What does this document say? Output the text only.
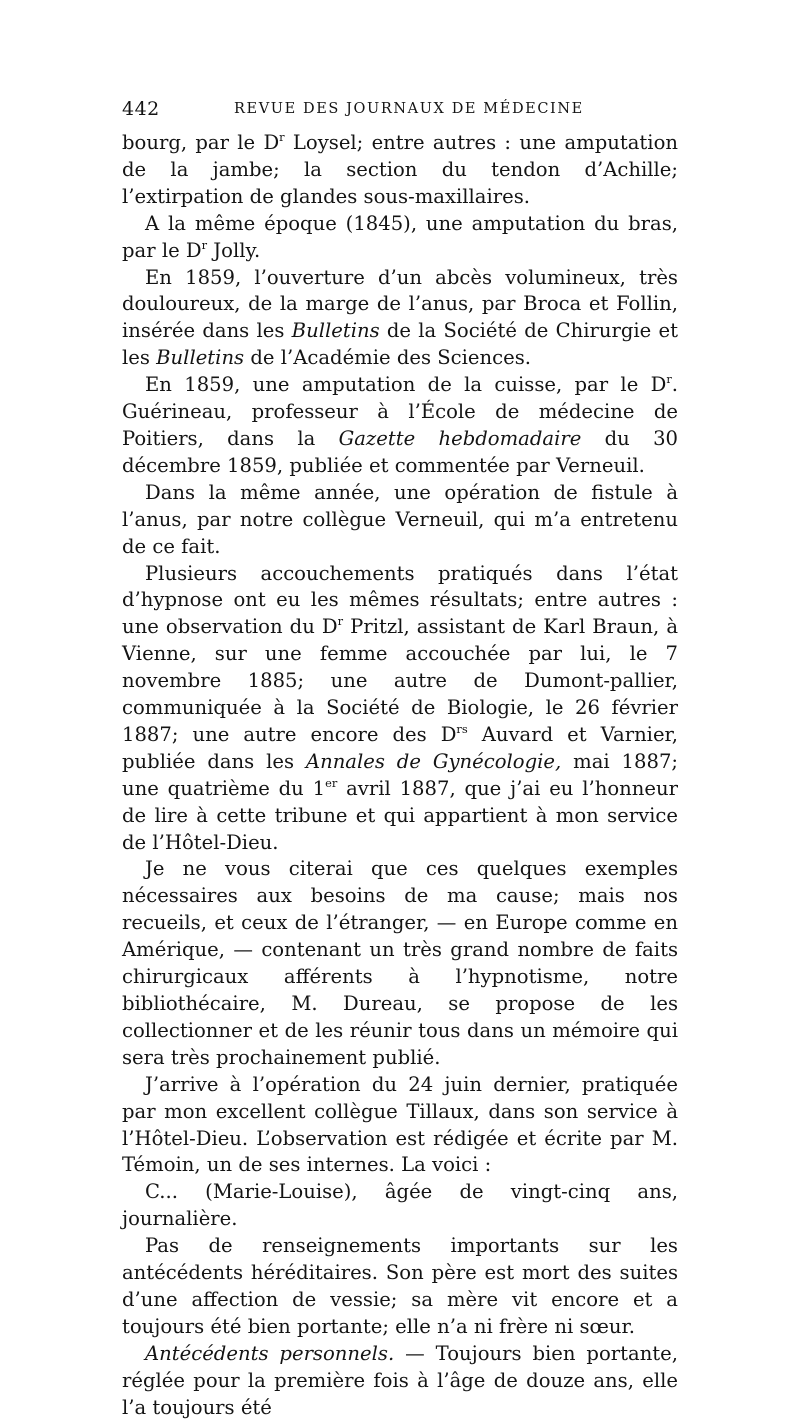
442	REVUE DES JOURNAUX DE MÉDECINE

bourg, par le $D^r$ Loysel; entre autres : une amputation de la jambe; la section du tendon d’Achille; l’extirpation de glandes sous-maxillaires.

A la même époque (1845), une amputation du bras, par le $D^r$ Jolly.

En 1859, l’ouverture d’un abcès volumineux, très douloureux, de la marge de l’anus, par Broca et Follin, insérée dans les Bulletins de la Société de Chirurgie et les Bulletins de l’Académie des Sciences.

En 1859, une amputation de la cuisse, par le $D^r$. Guérineau, professeur à l’École de médecine de Poitiers, dans la Gazette hebdomadaire du 30 décembre 1859, publiée et commentée par Verneuil.

Dans la même année, une opération de fistule à l’anus, par notre collègue Verneuil, qui m’a entretenu de ce fait.

Plusieurs accouchements pratiqués dans l’état d’hypnose ont eu les mêmes résultats; entre autres : une observation du $D^r$ Pritzl, assistant de Karl Braun, à Vienne, sur une femme accouchée par lui, le 7 novembre 1885; une autre de Dumont-pallier, communiquée à la Société de Biologie, le 26 février 1887; une autre encore des $D^{rs}$ Auvard et Varnier, publiée dans les Annales de Gynécologie, mai 1887; une quatrième du 1er avril 1887, que j’ai eu l’honneur de lire à cette tribune et qui appartient à mon service de l’Hôtel-Dieu.

Je ne vous citerai que ces quelques exemples nécessaires aux besoins de ma cause; mais nos recueils, et ceux de l’étranger, — en Europe comme en Amérique, — contenant un très grand nombre de faits chirurgicaux afférents à l’hypnotisme, notre bibliothécaire, M. Dureau, se propose de les collectionner et de les réunir tous dans un mémoire qui sera très prochainement publié.

J’arrive à l’opération du 24 juin dernier, pratiquée par mon excellent collègue Tillaux, dans son service à l’Hôtel-Dieu. L’observation est rédigée et écrite par M. Témoin, un de ses internes. La voici :

C... (Marie-Louise), âgée de vingt-cinq ans, journalière.

Pas de renseignements importants sur les antécédents héréditaires. Son père est mort des suites d’une affection de vessie; sa mère vit encore et a toujours été bien portante; elle n’a ni frère ni sœur.

Antécédents personnels. — Toujours bien portante, réglée pour la première fois à l’âge de douze ans, elle l’a toujours été
